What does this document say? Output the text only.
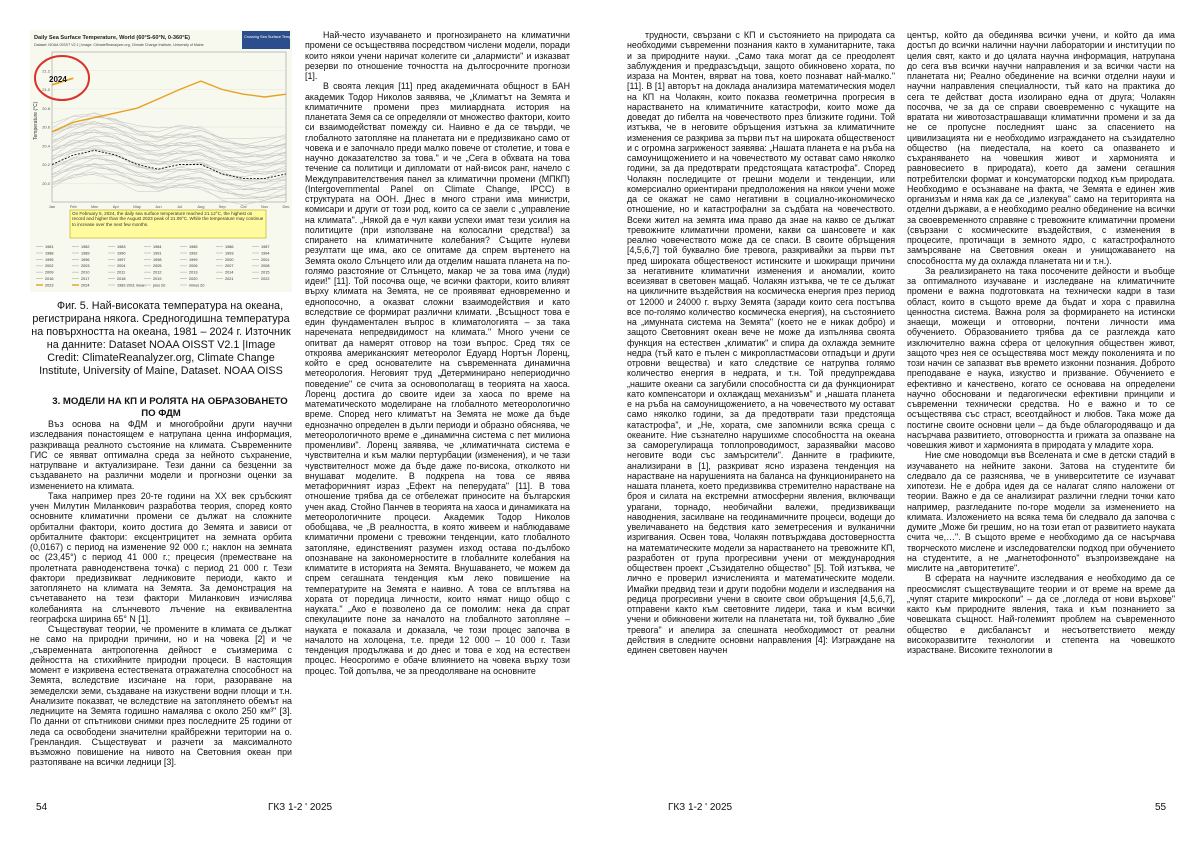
Daily Sea Surface Temperature, World (60°S-60°N, 0-360°E)
Dataset: NOAA OISST V2.1 | Image: ClimateReanalyzer.org, Climate Change Institute, University of Maine
Crossing Sea Surface Temperature
Temperature (°C)
20.0
20.2
20.4
20.6
20.8
21.0
21.2
Jan	Feb	Mar	Apr	May	Jun	Jul	Aug	Sep	Oct	Nov	Dec
2024
On February 5, 2024, the daily sea surface temperature reached 21.12°C, the highest on record and higher than the August 2023 peak of 21.09°C. While the temperature may continue to increase over the next few months.
1981	1982	1983	1984	1985	1986	1987
1988	1989	1990	1991	1992	1993	1994
1995	1996	1997	1998	1999	2000	2001
2002	2003	2004	2005	2006	2007	2008
2009	2010	2011	2012	2013	2014	2015
2016	2017	2018	2019	2020	2021	2022
2023	2024	1982-2011 mean plus 2σ	minus 2σ

Фиг. 5. Най-високата температура на океана, регистрирана някога. Средногодишна температура на повърхността на океана, 1981 – 2024 г. Източник на данните: Dataset NOAA OISST V2.1 |Image Credit: ClimateReanalyzer.org, Climate Change Institute, University of Maine, Dataset. NOAA OISS

3. МОДЕЛИ НА КП И РОЛЯТА НА ОБРАЗОВАНЕТО ПО ФДМ

Въз основа на ФДМ и многобройни други научни изследвания понастоящем е натрупана ценна информация, разкриваща реалното състояние на климата. Съвременните ГИС се явяват оптимална среда за нейното съхранение, натрупване и актуализиране. Тези данни са безценни за създаването на различни модели и прогнозни оценки за изменението на климата.

Така например през 20-те години на XX век сръбският учен Милутин Миланкович разработва теория, според която основните климатични промени се дължат на сложните орбитални фактори, които достига до Земята и зависи от орбиталните фактори: ексцентрицитет на земната орбита (0,0167) с период на изменение 92 000 г.; наклон на земната ос (23,45°) с период 41 000 г.; прецесия (преместване на пролетната равноденствена точка) с период 21 000 г. Тези фактори предизвикват ледниковите периоди, както и затоплянето на климата на Земята. За демонстрация на съчетаването на тези фактори Миланкович изчислява колебанията на слънчевото лъчение на еквивалентна географска ширина 65° N [1].

Съществуват теории, че промените в климата се дължат не само на природни причини, но и на човека [2] и че „съвременната антропогенна дейност е съизмерима с дейността на стихийните природни процеси. В настоящия момент е изкривена естествената отражателна способност на Земята, вследствие изсичане на гори, разораване на земеделски земи, създаване на изкуствени водни площи и т.н. Анализите показват, че вследствие на затоплянето обемът на ледниците на Земята годишно намалява с около 250 км³" [3]. По данни от спътникови снимки през последните 25 години от леда са освободени значителни крайбрежни територии на о. Гренландия. Съществуват и разчети за максималното възможно повишение на нивото на Световния океан при разтопяване на всички ледници [3].

Най-често изучаването и прогнозирането на климатични промени се осъществява посредством числени модели, поради които някои учени наричат колегите си „алармисти" и изказват резерви по отношение точността на дългосрочните прогнози [1].

В своята лекция [11] пред академичната общност в БАН академик Тодор Николов заявява, че „Климатът на Земята и климатичните промени през милиардната история на планетата Земя са се определяли от множество фактори, които си взаимодействат помежду си. Наивно е да се твърди, че глобалното затопляне на планетата ни е предизвикано само от човека и е започнало преди малко повече от столетие, и това е научно доказателство за това." и че „Сега в обхвата на това течение са политици и дипломати от най-висок ранг, начело с Междуправителствения панел за климатични промени (МПКП) (Intergovernmental Panel on Climate Change, IPCC) в структурата на ООН. Днес в много страни има министри, комисари и други от този род, които са се заели с „управление на климата". „Някой да е чул какви успехи имат тези усилия на политиците (при използване на колосални средства!) за спирането на климатичните колебания? Същите нулеви резултати ще има, ако се опитаме да спрем въртенето на Земята около Слънцето или да отделим нашата планета на по-голямо разстояние от Слънцето, макар че за това има (луди) идеи!" [11]. Той посочва още, че всички фактори, които влияят върху климата на Земята, не се проявяват едновременно и еднопосочно, а оказват сложни взаимодействия и като вследствие се формират различни климати. „Всъщност това е един фундаментален въпрос в климатологията – за така наречената непредвидимост на климата." Много учени се опитват да намерят отговор на този въпрос. Сред тях се откроява американският метеоролог Едуард Нортън Лоренц, който е сред основателите на съвременната динамична метеорология. Неговият труд „Детерминирано непериодично поведение" се счита за основополагащ в теорията на хаоса. Лоренц достига до своите идеи за хаоса по време на математическото моделиране на глобалното метеорологично време. Според него климатът на Земята не може да бъде еднозначно определен в дълги периоди и образно обяснява, че метеорологичното време е „динамична система с пет милиона променливи". Лоренц заявява, че „климатичната система е чувствителна и към малки пертурбации (изменения), и че тази чувствителност може да бъде даже по-висока, отколкото ни внушават моделите. В подкрепа на това се явява метафоричният израз „Ефект на пеперудата" [11]. В това отношение трябва да се отбележат приносите на българския учен акад. Стойно Панчев в теорията на хаоса и динамиката на метеорологичните процеси. Академик Тодор Николов обобщава, че „В реалността, в която живеем и наблюдаваме климатични промени с тревожни тенденции, като глобалното затопляне, единственият разумен изход остава по-дълбоко опознаване на закономерностите в глобалните колебания на климатите в историята на Земята. Внушаването, че можем да спрем сегашната тенденция към леко повишение на температурите на Земята е наивно. А това се вплътява на хората от поредица личности, които нямат нищо общо с науката." „Ако е позволено да се помолим: нека да спрат спекулациите поне за началото на глобалното затопляне – науката е показала и доказала, че този процес започва в началото на холоцена, т.е. преди 12 000 – 10 000 г. Тази тенденция продължава и до днес и това е ход на естествен процес. Неосporимо е обаче влиянието на човека върху този процес. Той допълва, че за преодоляване на основните

54	ГКЗ 1-2 ' 2025

трудности, свързани с КП и състоянието на природата са необходими съвременни познания както в хуманитарните, така и за природните науки. „Само така могат да се преодолеят заблуждения и предразсъдъци, защото обикновено хората, по израза на Монтен, вярват на това, което познават най-малко." [11]. В [1] авторът на доклада анализира математическия модел на КП на Чолакян, които показва геометрична прогресия в нарастването на климатичните катастрофи, които може да доведат до гибелта на човечеството през близките години. Той изтъква, че в неговите обръщения изтъкна за климатичните изменения се разкрива за първи път на широката общественост и с огромна загриженост заявява: „Нашата планета е на ръба на самоунищожението и на човечеството му остават само няколко години, за да предотврати предстоящата катастрофа". Според Чолакян последиците от грешни модели и тенденции, или комерсиално ориентирани предположения на някои учени може да се окажат не само негативни в социално-икономическо отношение, но и катастрофални за съдбата на човечеството. Всеки жител на земята има право да знае на какво се дължат тревожните климатични промени, какви са шансовете и как реално човечеството може да се спаси. В своите обръщения [4,5,6,7] той буквално бие тревога, разкривайки за първи път пред широката общественост истинските и шокиращи причини за негативните климатични изменения и аномалии, които всеизяват в световен мащаб. Чолакян изтъква, че те се дължат на цикличните въздействия на космическа енергия през период от 12000 и 24000 г. върху Земята (заради които сега постъпва все по-голямо количество космическа енергия), на състоянието на „имунната система на Земята" (което не е никак добро) и защото Световният океан вече не може да изпълнява своята функция на естествен „климатик" и спира да охлажда земните недра (тъй като е пълен с микропластмасови отпадъци и други отровни вещества) и като следствие се натрупва голямо количество енергия в недрата, и т.н. Той предупреждава „нашите океани са загубили способността си да функционират като компенсатори и охлаждащ механизъм" и „нашата планета е на ръба на самоунищожението, а на човечеството му остават само няколко години, за да предотврати тази предстояща катастрофа", и „Не, хората, сме запомнили всяка среща с океаните. Ние съзнателно нарушихме способността на океана за саморегулираща топлопроводимост, заразявайки масово неговите води със замърсители". Данните в графиките, анализирани в [1], разкриват ясно изразена тенденция на нарастване на нарушенията на баланса на функционирането на нашата планета, което предизвиква стремително нарастване на броя и силата на екстремни атмосферни явления, включващи урагани, торнадо, необичайни валежи, предизвикващи наводнения, засилване на геодинамичните процеси, водещи до увеличаването на бедствия като земетресения и вулканични изригвания. Освен това, Чолакян потвърждава достоверността на математическите модели за нарастването на тревожните КП, разработен от група прогресивни учени от международния обществен проект „Съзидателно общество" [5]. Той изтъква, че лично е проверил изчисленията и математическите модели. Имайки предвид тези и други подобни модели и изследвания на редица прогресивни учени в своите свои обръщения [4,5,6,7], отправени както към световните лидери, така и към всички учени и обикновени жители на планетата ни, той буквално „бие тревога" и апелира за спешната необходимост от реални действия в следните основни направления [4]: Изграждане на единен световен научен

център, който да обединява всички учени, и който да има достъп до всички налични научни лаборатории и институции по целия свят, както и до цялата научна информация, натрупана до сега във всички научни направления и за всички части на планетата ни; Реално обединение на всички отделни науки и научни направления специалности, тъй като на практика до сега те действат доста изолирано една от друга; Чолакян посочва, че за да се справи своевременно с чукащите на вратата ни животозастрашаващи климатични промени и за да не се пропусне последният шанс за спасението на цивилизацията ни е необходимо изграждането на съзидателно общество (на пиедестала, на което са опазването и съхраняването на човешкия живот и хармонията и равновесието в природата), което да замени сегашния потребителски формат и консуматорски подход към природата. Необходимо е осъзнаване на факта, че Земята е единен жив организъм и няма как да се „излекува" само на територията на отделни държави, а е необходимо реално обединение на всички за своевременното справяне с тревожните климатични промени (свързани с космическите въздействия, с изменения в процесите, протичащи в земното ядро, с катастрофалното замърсяване на Световния океан и унищожаването на способността му да охлажда планетата ни и т.н.).

За реализирането на така посочените дейности и въобще за оптималното изучаване и изследване на климатичните промени е важна подготовката на технически кадри в тази област, които в същото време да бъдат и хора с правилна ценностна система. Важна роля за формирането на истински знаещи, можещи и отговорни, почтени личности има обучението. Образованието трябва да се разглежда като изключително важна сфера от целокупния обществен живот, защото чрез нея се осъществява мост между поколенията и по този начин се запазват във времето изконни познания. Доброто преподаване е наука, изкуство и призвание. Обучението е ефективно и качествено, когато се основава на определени научно обосновани и педагогически ефективни принципи и съвременни технически средства. Но е важно и то се осъществява със страст, всеотдайност и любов. Така може да постигне своите основни цели – да бъде облагородяващо и да насърчава развитието, отговорността и грижата за опазване на човешкия живот и хармонията в природата у младите хора.

Ние сме новодомци във Вселената и сме в детски стадий в изучаването на нейните закони. Затова на студентите би следвало да се разяснява, че в университетите се изучават хипотези. Не е добра идея да се налагат сляпо наложени от теории. Важно е да се анализират различни гледни точки като например, разгледаните по-горе модели за изменението на климата. Изложението на всяка тема би следвало да започва с думите „Може би грешим, но на този етап от развитието науката счита че,…". В същото време е необходимо да се насърчава творческото мислене и изследователски подход при обучението на студентите, а не „магнетофонното" възпроизвеждане на мислите на „авторитетите".

В сферата на научните изследвания е необходимо да се преосмислят съществуващите теории и от време на време да „чупят старите микроскопи" – да се „погледа от нови върхове" както към природните явления, така и към познанието за човешката същност. Най-големият проблем на съвременното общество е дисбалансът и несъответствието между високоразвитите технологии и степента на човешкото израстване. Високите технологии в

ГКЗ 1-2 ' 2025	55
